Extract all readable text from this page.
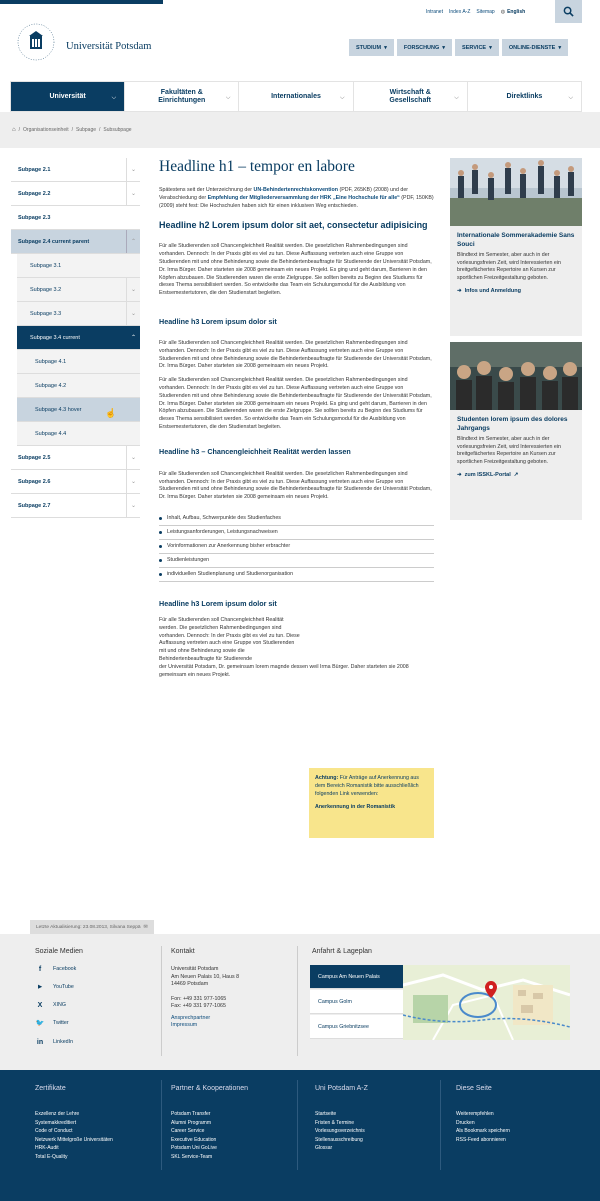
Intranet Index A-Z Sitemap ◍ English
Universität Potsdam	STUDIUM ▾	FORSCHUNG ▾	SERVICE ▾	ONLINE-DIENSTE ▾
Universität	⌵
Fakultäten & Einrichtungen	⌵	Internationales	⌵
Wirtschaft & Gesellschaft	⌵	Direktlinks	⌵
⌂ / Organisationseinheit / Subpage / Subsubpage
Subpage 2.1	⌄
Subpage 2.2	⌄
Subpage 2.3
Subpage 2.4 current parent	⌃
Subpage 3.1
Subpage 3.2	⌄
Subpage 3.3	⌄
Subpage 3.4 current	⌃
Subpage 4.1
Subpage 4.2
Subpage 4.3 hover	☝
Subpage 4.4
Subpage 2.5	⌄
Subpage 2.6	⌄
Subpage 2.7	⌄
Headline h1 – tempor en labore

Spätestens seit der Unterzeichnung der UN-Behindertenrechtskonvention (PDF, 265KB) (2008) und der Verabschiedung der Empfehlung der Mitgliederversammlung der HRK „Eine Hochschule für alle“ (PDF, 150KB) (2009) steht fest: Die Hochschulen haben sich für einen inklusiven Weg entschieden.

Headline h2 Lorem ipsum dolor sit aet, consectetur adipisicing

Für alle Studierenden soll Chancengleichheit Realität werden. Die gesetzlichen Rahmenbedingungen sind vorhanden. Dennoch: In der Praxis gibt es viel zu tun. Diese Auffassung vertreten auch eine Gruppe von Studierenden mit und ohne Behinderung sowie die Behindertenbeauftragte für Studierende der Universität Potsdam, Dr. Irma Bürger. Daher starteten sie 2008 gemeinsam ein neues Projekt. Es ging und geht darum, Barrieren in den Köpfen abzubauen. Die Studierenden waren die erste Zielgruppe. Sie sollten bereits zu Beginn des Studiums für dieses Thema sensibilisiert werden. So entwickelte das Team ein Schulungsmodul für die Ausbildung von Erstsemestertutoren, die den Studienstart begleiten.

Headline h3 Lorem ipsum dolor sit

Für alle Studierenden soll Chancengleichheit Realität werden. Die gesetzlichen Rahmenbedingungen sind vorhanden. Dennoch: In der Praxis gibt es viel zu tun. Diese Auffassung vertreten auch eine Gruppe von Studierenden mit und ohne Behinderung sowie die Behindertenbeauftragte für Studierende der Universität Potsdam, Dr. Irma Bürger. Daher starteten sie 2008 gemeinsam ein neues Projekt.

Für alle Studierenden soll Chancengleichheit Realität werden. Die gesetzlichen Rahmenbedingungen sind vorhanden. Dennoch: In der Praxis gibt es viel zu tun. Diese Auffassung vertreten auch eine Gruppe von Studierenden mit und ohne Behinderung sowie die Behindertenbeauftragte für Studierende der Universität Potsdam, Dr. Irma Bürger. Daher starteten sie 2008 gemeinsam ein neues Projekt. Es ging und geht darum, Barrieren in den Köpfen abzubauen. Die Studierenden waren die erste Zielgruppe. Sie sollten bereits zu Beginn des Studiums für dieses Thema sensibilisiert werden. So entwickelte das Team ein Schulungsmodul für die Ausbildung von Erstsemestertutoren, die den Studienstart begleiten.

Headline h3 – Chancengleichheit Realität werden lassen

Für alle Studierenden soll Chancengleichheit Realität werden. Die gesetzlichen Rahmenbedingungen sind vorhanden. Dennoch: In der Praxis gibt es viel zu tun. Diese Auffassung vertreten auch eine Gruppe von Studierenden mit und ohne Behinderung sowie die Behindertenbeauftragte für Studierende der Universität Potsdam, Dr. Irma Bürger. Daher starteten sie 2008 gemeinsam ein neues Projekt.

Inhalt, Aufbau, Schwerpunkte des Studienfaches
Leistungsanforderungen, Leistungsnachweisen
Vorinformationen zur Anerkennung bisher erbrachter
Studienleistungen
individuellen Studienplanung und Studienorganisation
Headline h3 Lorem ipsum dolor sit

Für alle Studierenden soll Chancengleichheit Realität werden. Die gesetzlichen Rahmenbedingungen sind vorhanden. Dennoch: In der Praxis gibt es viel zu tun. Diese Auffassung vertreten auch eine Gruppe von Studierenden mit und ohne Behinderung sowie die Behindertenbeauftragte für Studierende

der Universität Potsdam, Dr. gemeinsam lorem magnde dessen weil Irma Bürger. Daher starteten sie 2008 gemeinsam ein neues Projekt.

Achtung: Für Anträge auf Anerkennung aus dem Bereich Romanistik bitte ausschließlich folgenden Link verwenden:
Anerkennung in der Romanistik
Internationale Sommerakademie Sans Souci

Blindtext im Semester, aber auch in der vorlesungsfreien Zeit, wird Interessierten ein breitgefächertes Repertoire an Kursen zur sportlichen Freizeitgestaltung geboten.

➜ Infos und Anmeldung
Studenten lorem ipsum des dolores Jahrgangs

Blindtext im Semester, aber auch in der vorlesungsfreien Zeit, wird Interessierten ein breitgefächertes Repertoire an Kursen zur sportlichen Freizeitgestaltung geboten.

➜ zum ISSKL-Portal ↗
Letzte Aktualisierung: 23.08.2013, Silvana Seppä ✉
Soziale Medien
f	Facebook
▶	YouTube
X	XING
🐦 Twitter
in	LinkedIn
Kontakt
Universität Potsdam
Am Neuen Palais 10, Haus 8
14469 Potsdam
Fon: +49 331 977-1065
Fax: +49 331 977-1065
Ansprechpartner
Impressum
Anfahrt & Lageplan
Campus Am Neuen Palais
Campus Golm
Campus Griebnitzsee
Zertifikate
Exzellenz der Lehre
Systemakkreditiert
Code of Conduct
Netzwerk Mittelgroße Universitäten
HRK-Audit
Total E-Quality
Partner & Kooperationen
Potsdam Transfer
Alumni Programm
Career Service
Executive Education
Potsdam Uni GoLive
SKL Service-Team
Uni Potsdam A-Z
Startseite
Fristen & Termine
Vorlesungsverzeichnis
Stellenausschreibung
Glossar
Diese Seite
Weiterempfehlen
Drucken
Als Bookmark speichern
RSS-Feed abonnieren
